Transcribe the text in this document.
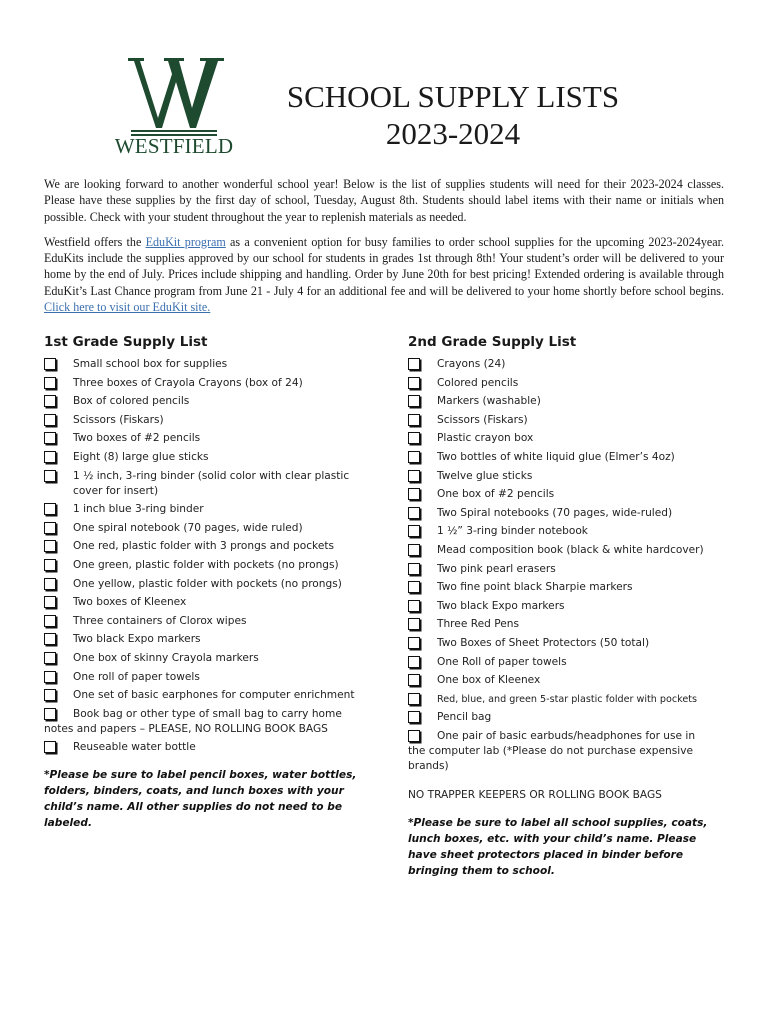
WESTFIELD
SCHOOL SUPPLY LISTS
2023-2024

We are looking forward to another wonderful school year! Below is the list of supplies students will need for their 2023-2024 classes. Please have these supplies by the first day of school, Tuesday, August 8th. Students should label items with their name or initials when possible. Check with your student throughout the year to replenish materials as needed.

Westfield offers the EduKit program as a convenient option for busy families to order school supplies for the upcoming 2023-2024year. EduKits include the supplies approved by our school for students in grades 1st through 8th! Your student’s order will be delivered to your home by the end of July. Prices include shipping and handling. Order by June 20th for best pricing! Extended ordering is available through EduKit’s Last Chance program from June 21 - July 4 for an additional fee and will be delivered to your home shortly before school begins. Click here to visit our EduKit site.

1st Grade Supply List
Small school box for supplies
Three boxes of Crayola Crayons (box of 24)
Box of colored pencils
Scissors (Fiskars)
Two boxes of #2 pencils
Eight (8) large glue sticks
1 ½ inch, 3-ring binder (solid color with clear plastic cover for insert)
1 inch blue 3-ring binder
One spiral notebook (70 pages, wide ruled)
One red, plastic folder with 3 prongs and pockets
One green, plastic folder with pockets (no prongs)
One yellow, plastic folder with pockets (no prongs)
Two boxes of Kleenex
Three containers of Clorox wipes
Two black Expo markers
One box of skinny Crayola markers
One roll of paper towels
One set of basic earphones for computer enrichment
Book bag or other type of small bag to carry home notes and papers – PLEASE, NO ROLLING BOOK BAGS
Reuseable water bottle
*Please be sure to label pencil boxes, water bottles, folders, binders, coats, and lunch boxes with your child’s name. All other supplies do not need to be labeled.
2nd Grade Supply List
Crayons (24)
Colored pencils
Markers (washable)
Scissors (Fiskars)
Plastic crayon box
Two bottles of white liquid glue (Elmer’s 4oz)
Twelve glue sticks
One box of #2 pencils
Two Spiral notebooks (70 pages, wide-ruled)
1 ½” 3-ring binder notebook
Mead composition book (black & white hardcover)
Two pink pearl erasers
Two fine point black Sharpie markers
Two black Expo markers
Three Red Pens
Two Boxes of Sheet Protectors (50 total)
One Roll of paper towels
One box of Kleenex
Red, blue, and green 5-star plastic folder with pockets
Pencil bag
One pair of basic earbuds/headphones for use in the computer lab (*Please do not purchase expensive brands)
NO TRAPPER KEEPERS OR ROLLING BOOK BAGS
*Please be sure to label all school supplies, coats, lunch boxes, etc. with your child’s name. Please have sheet protectors placed in binder before bringing them to school.
